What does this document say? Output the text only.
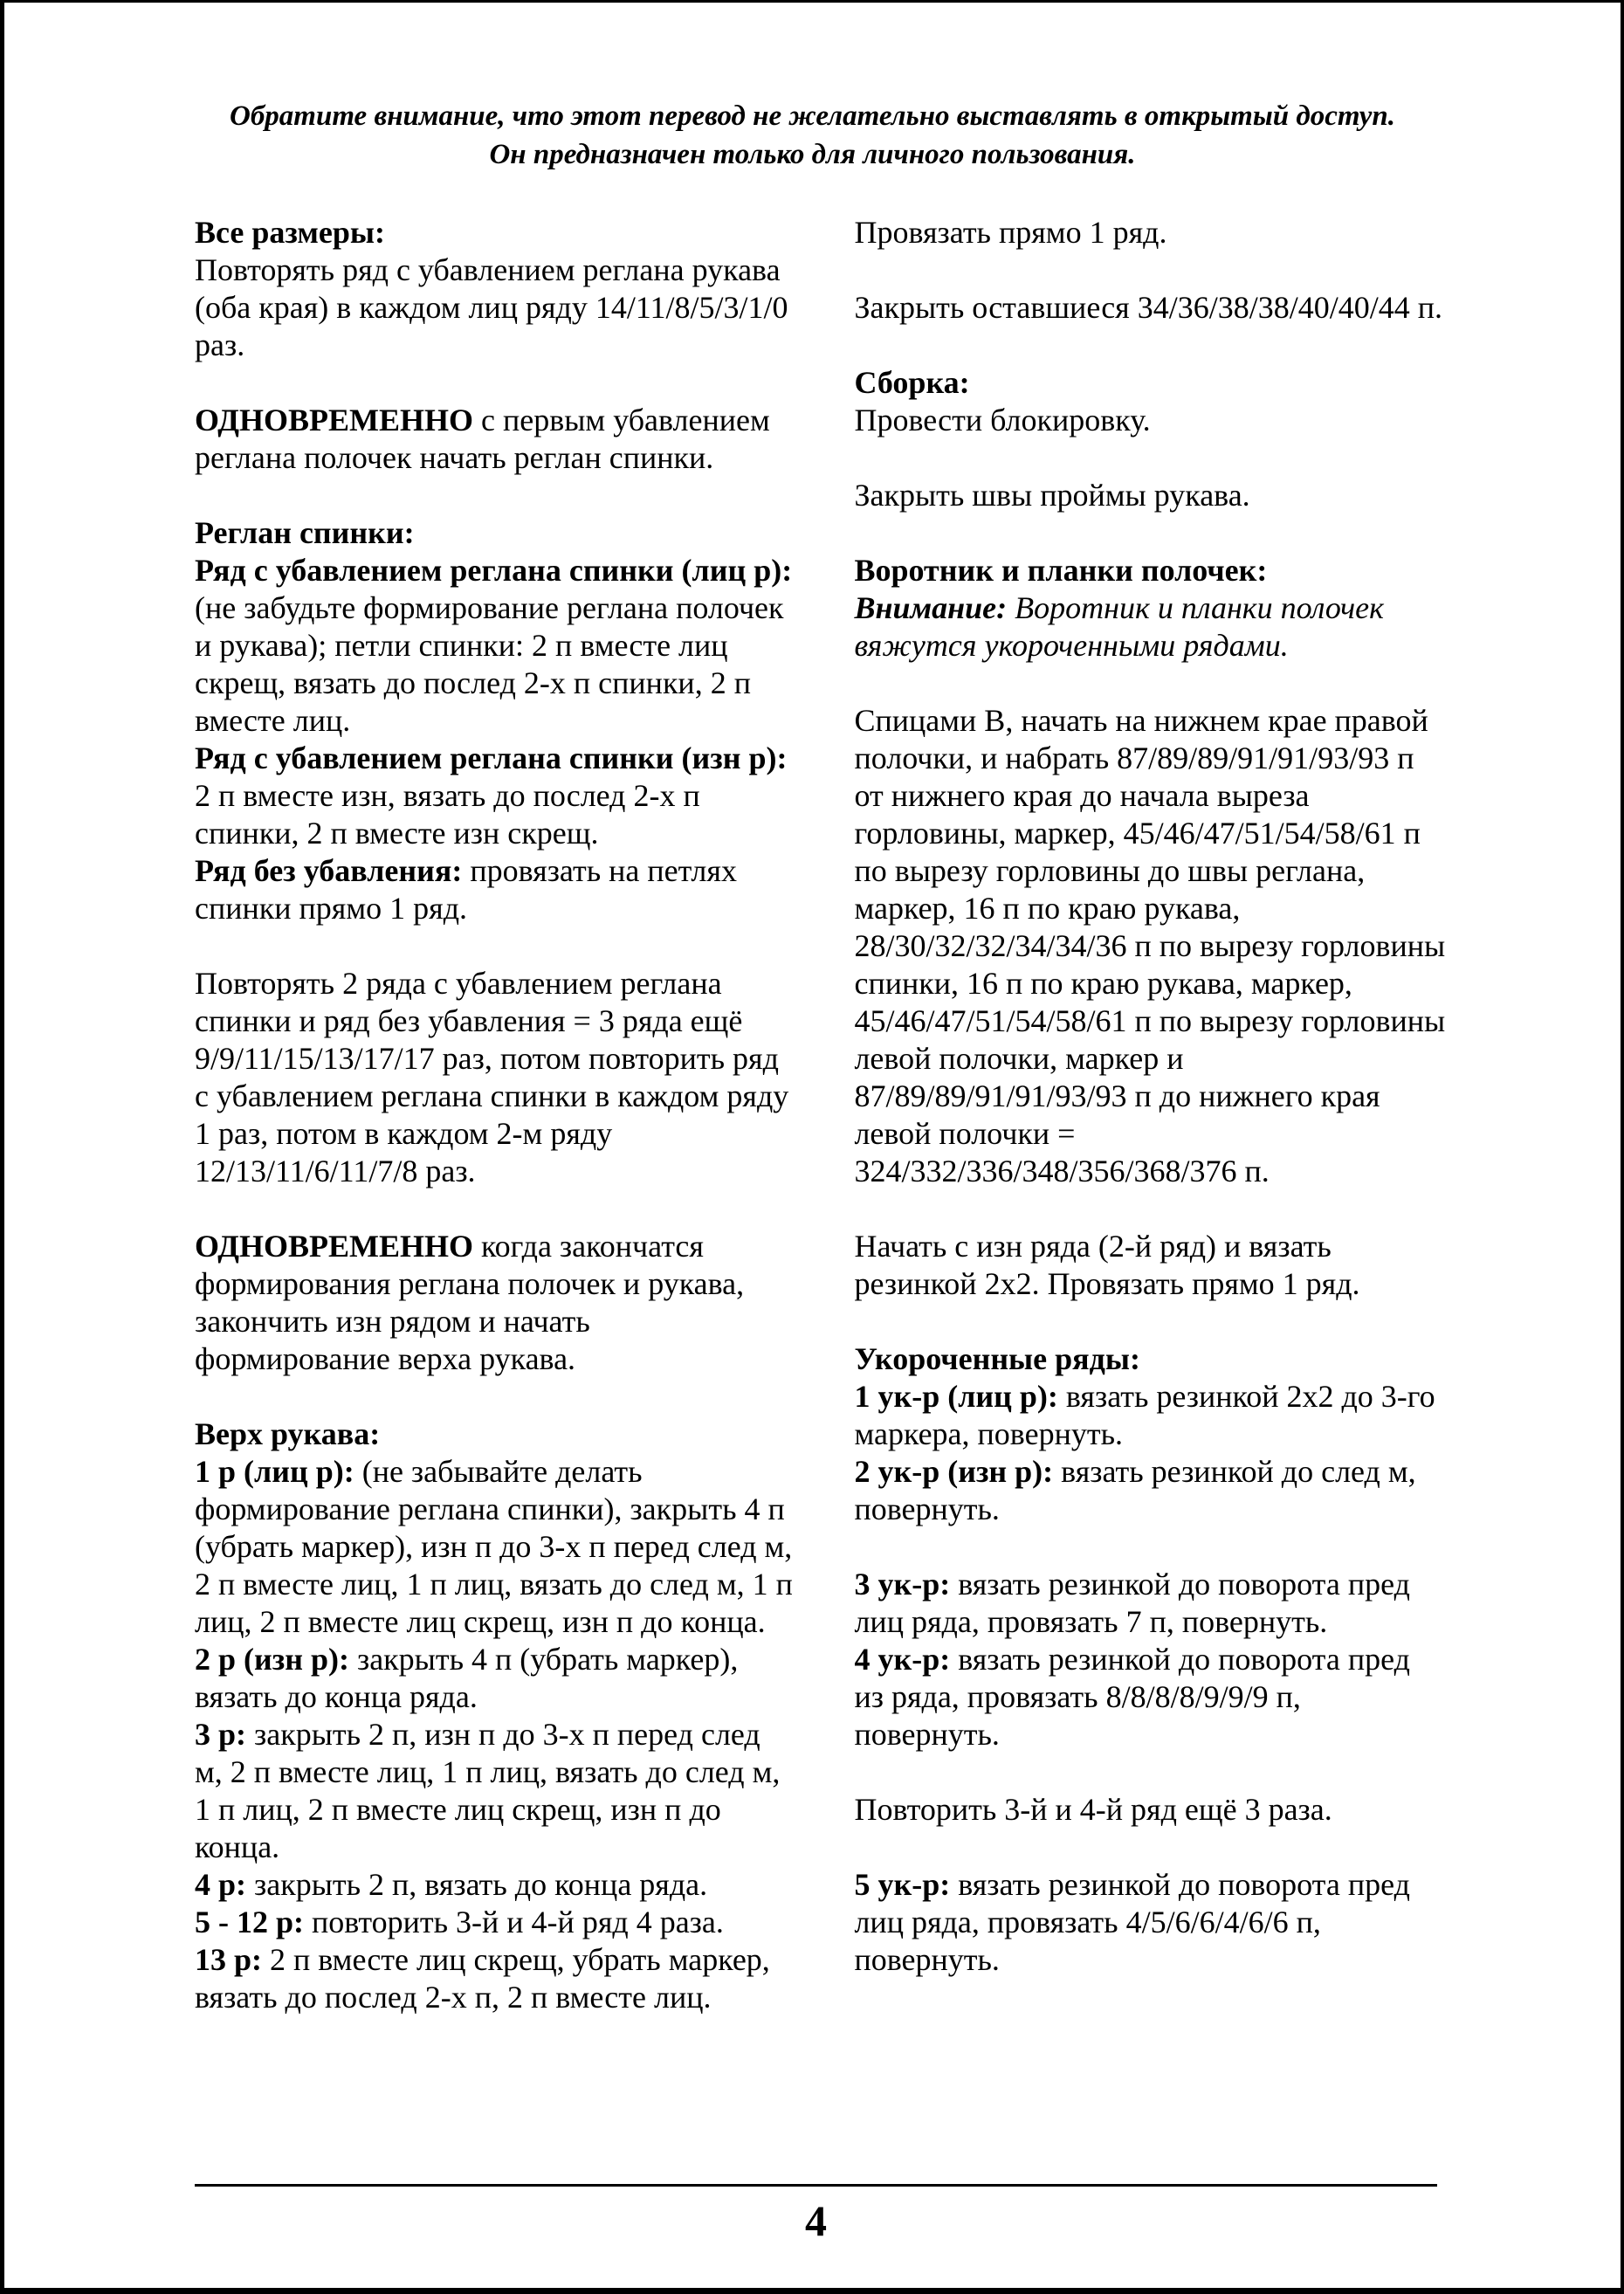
Обратите внимание, что этот перевод не желательно выставлять в открытый доступ. Он предназначен только для личного пользования.

Все размеры:

Повторять ряд с убавлением реглана рукава (оба края) в каждом лиц ряду 14/11/8/5/3/1/0 раз.

ОДНОВРЕМЕННО с первым убавлением реглана полочек начать реглан спинки.

Реглан спинки:

Ряд с убавлением реглана спинки (лиц р): (не забудьте формирование реглана полочек и рукава); петли спинки: 2 п вместе лиц скрещ, вязать до послед 2-х п спинки, 2 п вместе лиц.

Ряд с убавлением реглана спинки (изн р): 2 п вместе изн, вязать до послед 2-х п спинки, 2 п вместе изн скрещ.

Ряд без убавления: провязать на петлях спинки прямо 1 ряд.

Повторять 2 ряда с убавлением реглана спинки и ряд без убавления = 3 ряда ещё 9/9/11/15/13/17/17 раз, потом повторить ряд с убавлением реглана спинки в каждом ряду 1 раз, потом в каждом 2-м ряду 12/13/11/6/11/7/8 раз.

ОДНОВРЕМЕННО когда закончатся формирования реглана полочек и рукава, закончить изн рядом и начать формирование верха рукава.

Верх рукава:

1 р (лиц р): (не забывайте делать формирование реглана спинки), закрыть 4 п (убрать маркер), изн п до 3-х п перед след м, 2 п вместе лиц, 1 п лиц, вязать до след м, 1 п лиц, 2 п вместе лиц скрещ, изн п до конца.

2 р (изн р): закрыть 4 п (убрать маркер), вязать до конца ряда.

3 р: закрыть 2 п, изн п до 3-х п перед след м, 2 п вместе лиц, 1 п лиц, вязать до след м, 1 п лиц, 2 п вместе лиц скрещ, изн п до конца.

4 р: закрыть 2 п, вязать до конца ряда.

5 - 12 р: повторить 3-й и 4-й ряд 4 раза.

13 р: 2 п вместе лиц скрещ, убрать маркер, вязать до послед 2-х п, 2 п вместе лиц.

Провязать прямо 1 ряд.

Закрыть оставшиеся 34/36/38/38/40/40/44 п.

Сборка:

Провести блокировку.

Закрыть швы проймы рукава.

Воротник и планки полочек:

Внимание: Воротник и планки полочек вяжутся укороченными рядами.

Спицами В, начать на нижнем крае правой полочки, и набрать 87/89/89/91/91/93/93 п от нижнего края до начала выреза горловины, маркер, 45/46/47/51/54/58/61 п по вырезу горловины до швы реглана, маркер, 16 п по краю рукава, 28/30/32/32/34/34/36 п по вырезу горловины спинки, 16 п по краю рукава, маркер, 45/46/47/51/54/58/61 п по вырезу горловины левой полочки, маркер и 87/89/89/91/91/93/93 п до нижнего края левой полочки = 324/332/336/348/356/368/376 п.

Начать с изн ряда (2-й ряд) и вязать резинкой 2х2. Провязать прямо 1 ряд.

Укороченные ряды:

1 ук-р (лиц р): вязать резинкой 2х2 до 3-го маркера, повернуть.

2 ук-р (изн р): вязать резинкой до след м, повернуть.

3 ук-р: вязать резинкой до поворота пред лиц ряда, провязать 7 п, повернуть.

4 ук-р: вязать резинкой до поворота пред из ряда, провязать 8/8/8/8/9/9/9 п, повернуть.

Повторить 3-й и 4-й ряд ещё 3 раза.

5 ук-р: вязать резинкой до поворота пред лиц ряда, провязать 4/5/6/6/4/6/6 п, повернуть.

4
